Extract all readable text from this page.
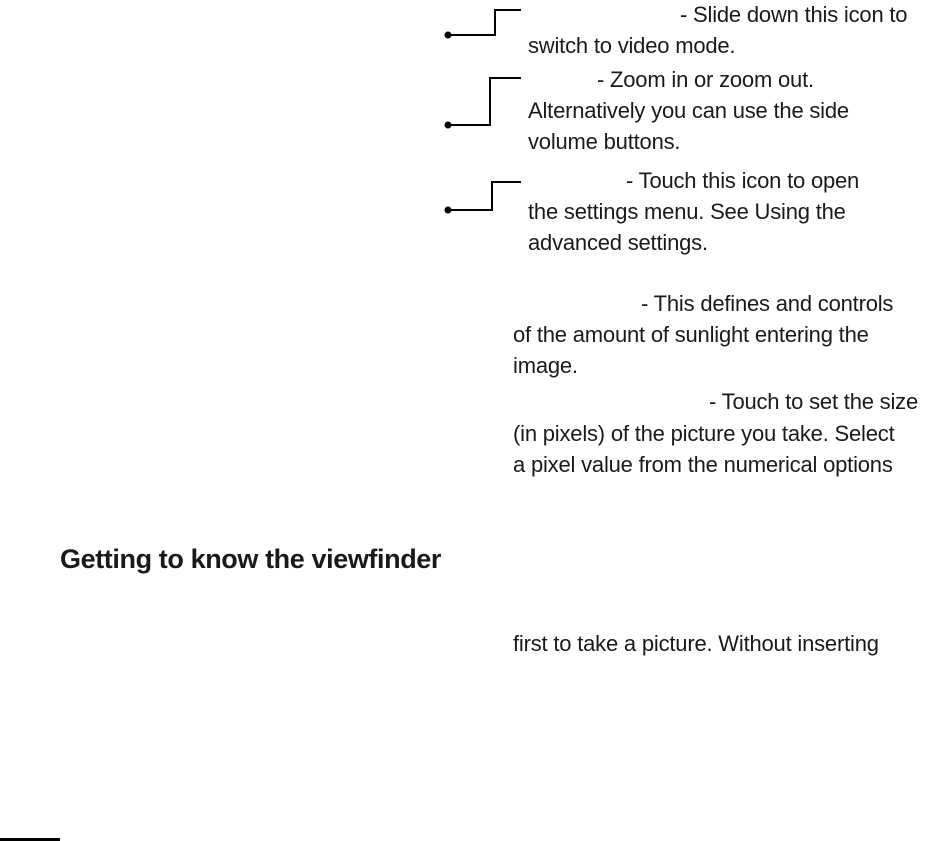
- Slide down this icon to
switch to video mode.
- Zoom in or zoom out.
Alternatively you can use the side
volume buttons.
- Touch this icon to open
the settings menu. See Using the
advanced settings.
- This defines and controls
of the amount of sunlight entering the
image.
- Touch to set the size
(in pixels) of the picture you take. Select
a pixel value from the numerical options
Getting to know the viewfinder
first to take a picture. Without inserting
